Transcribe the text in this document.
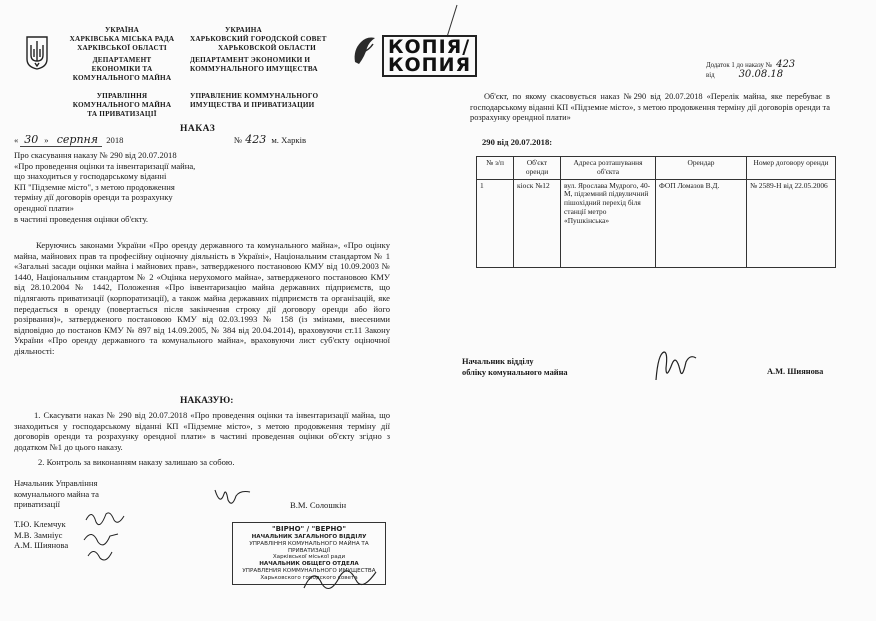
УКРАЇНА
ХАРКІВСЬКА МІСЬКА РАДА
ХАРКІВСЬКОЇ ОБЛАСТІ
ДЕПАРТАМЕНТ
ЕКОНОМІКИ ТА
КОМУНАЛЬНОГО МАЙНА
УПРАВЛІННЯ
КОМУНАЛЬНОГО МАЙНА
ТА ПРИВАТИЗАЦІЇ
УКРАИНА
ХАРЬКОВСКИЙ ГОРОДСКОЙ СОВЕТ
ХАРЬКОВСКОЙ ОБЛАСТИ
ДЕПАРТАМЕНТ ЭКОНОМИКИ И
КОММУНАЛЬНОГО ИМУЩЕСТВА
УПРАВЛЕНИЕ КОММУНАЛЬНОГО
ИМУЩЕСТВА И ПРИВАТИЗАЦИИ
КОПІЯ/
КОПИЯ
НАКАЗ
« 30 » серпня 2018	№ 423 м. Харків
Про скасування наказу № 290 від 20.07.2018
«Про проведення оцінки та інвентаризації майна,
що знаходиться у господарському віданні
КП "Підземне місто", з метою продовження
терміну дії договорів оренди та розрахунку
орендної плати»
в частині проведення оцінки об'єкту.
Керуючись законами України «Про оренду державного та комунального майна», «Про оцінку майна, майнових прав та професійну оціночну діяльність в Україні», Національним стандартом № 1 «Загальні засади оцінки майна і майнових прав», затвердженого постановою КМУ від 10.09.2003 № 1440, Національним стандартом № 2 «Оцінка нерухомого майна», затвердженого постановою КМУ від 28.10.2004 № 1442, Положення «Про інвентаризацію майна державних підприємств, що підлягають приватизації (корпоратизації), а також майна державних підприємств та організацій, яке передається в оренду (повертається після закінчення строку дії договору оренди або його розірвання)», затвердженого постановою КМУ від 02.03.1993 № 158 (із змінами, внесеними відповідно до постанов КМУ № 897 від 14.09.2005, № 384 від 20.04.2014), враховуючи ст.11 Закону України «Про оренду державного та комунального майна», враховуючи лист суб'єкту оціночної діяльності:
НАКАЗУЮ:
1. Скасувати наказ № 290 від 20.07.2018 «Про проведення оцінки та інвентаризації майна, що знаходиться у господарському віданні КП «Підземне місто», з метою продовження терміну дії договорів оренди та розрахунку орендної плати» в частині проведення оцінки об'єкту згідно з додатком №1 до цього наказу.
2. Контроль за виконанням наказу залишаю за собою.
Начальник Управління
комунального майна та
приватизації	В.М. Солошкін
Т.Ю. Клемчук
М.В. Замніус
А.М. Шиянова
"ВІРНО" / "ВЕРНО"
НАЧАЛЬНИК ЗАГАЛЬНОГО ВІДДІЛУ
УПРАВЛІННЯ КОМУНАЛЬНОГО МАЙНА ТА ПРИВАТИЗАЦІЇ
Харківської міської ради
НАЧАЛЬНИК ОБЩЕГО ОТДЕЛА
УПРАВЛЕНИЯ КОММУНАЛЬНОГО ИМУЩЕСТВА
Харьковского городского совета
Додаток 1 до наказу № 423
від 30.08.18
Об'єкт, по якому скасовується наказ №290 від 20.07.2018 «Перелік майна, яке перебуває в господарському віданні КП «Підземне місто», з метою продовження терміну дії договорів оренди та розрахунку орендної плати»
290 від 20.07.2018:
№ з/п	Об'єкт оренди	Адреса розташування об'єкта	Орендар	Номер договору оренди
1	кіоск №12	вул. Ярослава Мудрого, 40-М, підземний підвуличний пішохідний перехід біля станції метро «Пушкінська»	ФОП Ломазов В.Д.	№ 2589-Н від 22.05.2006
Начальник відділу
обліку комунального майна	А.М. Шиянова
